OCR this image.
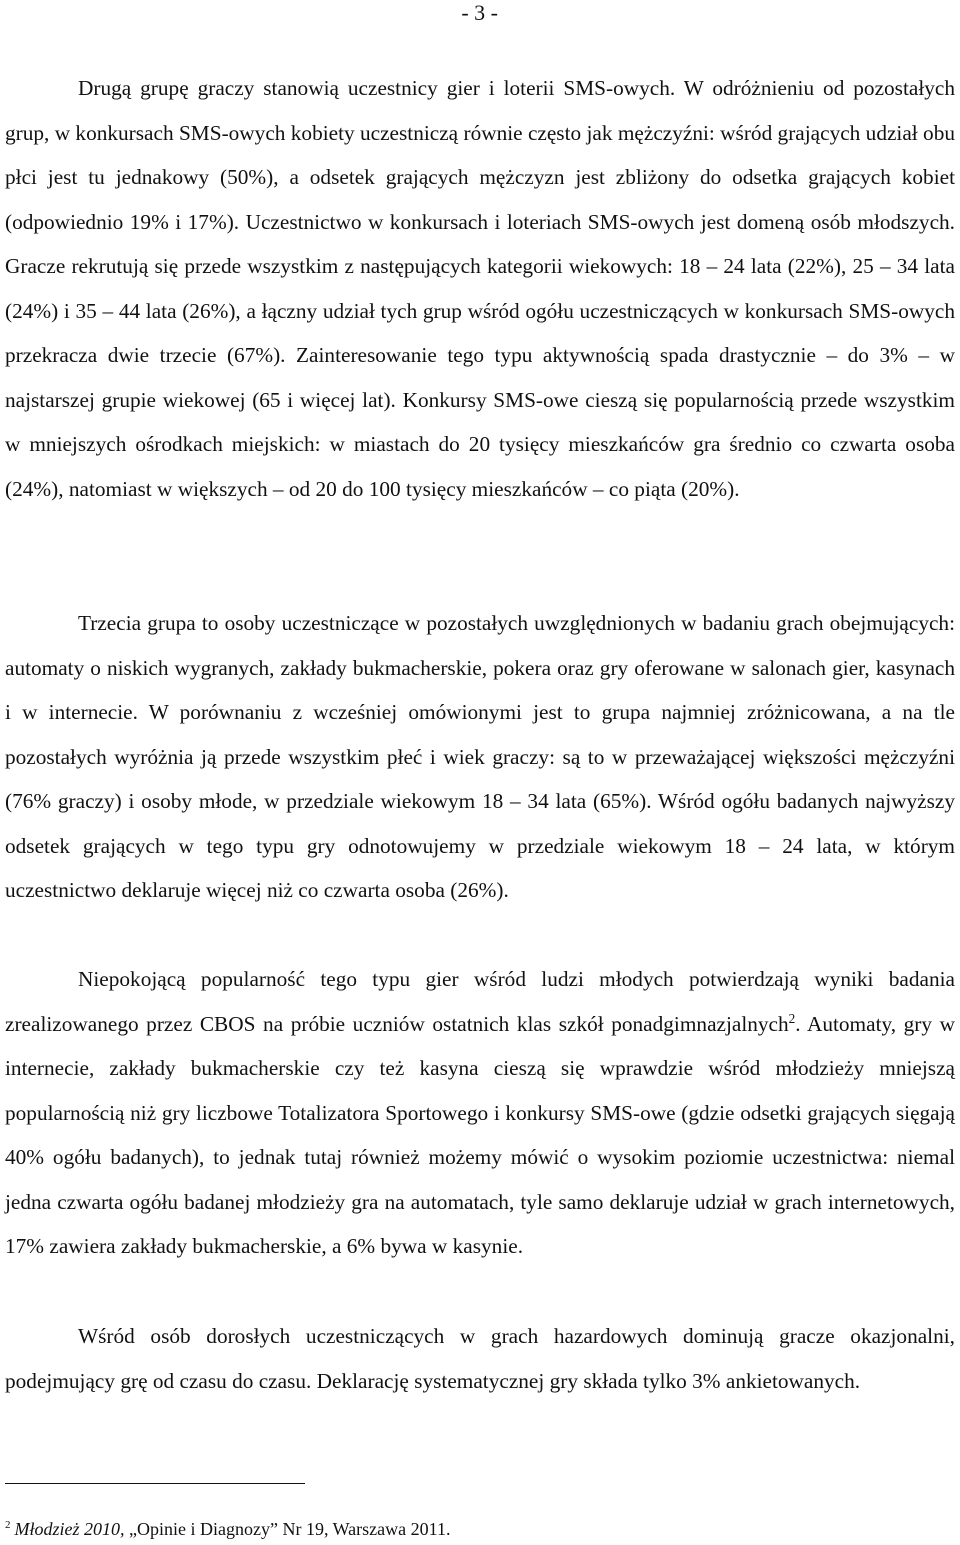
- 3 -

Drugą grupę graczy stanowią uczestnicy gier i loterii SMS-owych. W odróżnieniu od pozostałych grup, w konkursach SMS-owych kobiety uczestniczą równie często jak mężczyźni: wśród grających udział obu płci jest tu jednakowy (50%), a odsetek grających mężczyzn jest zbliżony do odsetka grających kobiet (odpowiednio 19% i 17%). Uczestnictwo w konkursach i loteriach SMS-owych jest domeną osób młodszych. Gracze rekrutują się przede wszystkim z następujących kategorii wiekowych: 18 – 24 lata (22%), 25 – 34 lata (24%) i 35 – 44 lata (26%), a łączny udział tych grup wśród ogółu uczestniczących w konkursach SMS-owych przekracza dwie trzecie (67%). Zainteresowanie tego typu aktywnością spada drastycznie – do 3% – w najstarszej grupie wiekowej (65 i więcej lat). Konkursy SMS-owe cieszą się popularnością przede wszystkim w mniejszych ośrodkach miejskich: w miastach do 20 tysięcy mieszkańców gra średnio co czwarta osoba (24%), natomiast w większych – od 20 do 100 tysięcy mieszkańców – co piąta (20%).

Trzecia grupa to osoby uczestniczące w pozostałych uwzględnionych w badaniu grach obejmujących: automaty o niskich wygranych, zakłady bukmacherskie, pokera oraz gry oferowane w salonach gier, kasynach i w internecie. W porównaniu z wcześniej omówionymi jest to grupa najmniej zróżnicowana, a na tle pozostałych wyróżnia ją przede wszystkim płeć i wiek graczy: są to w przeważającej większości mężczyźni (76% graczy) i osoby młode, w przedziale wiekowym 18 – 34 lata (65%). Wśród ogółu badanych najwyższy odsetek grających w tego typu gry odnotowujemy w przedziale wiekowym 18 – 24 lata, w którym uczestnictwo deklaruje więcej niż co czwarta osoba (26%).

Niepokojącą popularność tego typu gier wśród ludzi młodych potwierdzają wyniki badania zrealizowanego przez CBOS na próbie uczniów ostatnich klas szkół ponadgimnazjalnych$^2$. Automaty, gry w internecie, zakłady bukmacherskie czy też kasyna cieszą się wprawdzie wśród młodzieży mniejszą popularnością niż gry liczbowe Totalizatora Sportowego i konkursy SMS-owe (gdzie odsetki grających sięgają 40% ogółu badanych), to jednak tutaj również możemy mówić o wysokim poziomie uczestnictwa: niemal jedna czwarta ogółu badanej młodzieży gra na automatach, tyle samo deklaruje udział w grach internetowych, 17% zawiera zakłady bukmacherskie, a 6% bywa w kasynie.

Wśród osób dorosłych uczestniczących w grach hazardowych dominują gracze okazjonalni, podejmujący grę od czasu do czasu. Deklarację systematycznej gry składa tylko 3% ankietowanych.

$^2$ Młodzież 2010, „Opinie i Diagnozy” Nr 19, Warszawa 2011.
